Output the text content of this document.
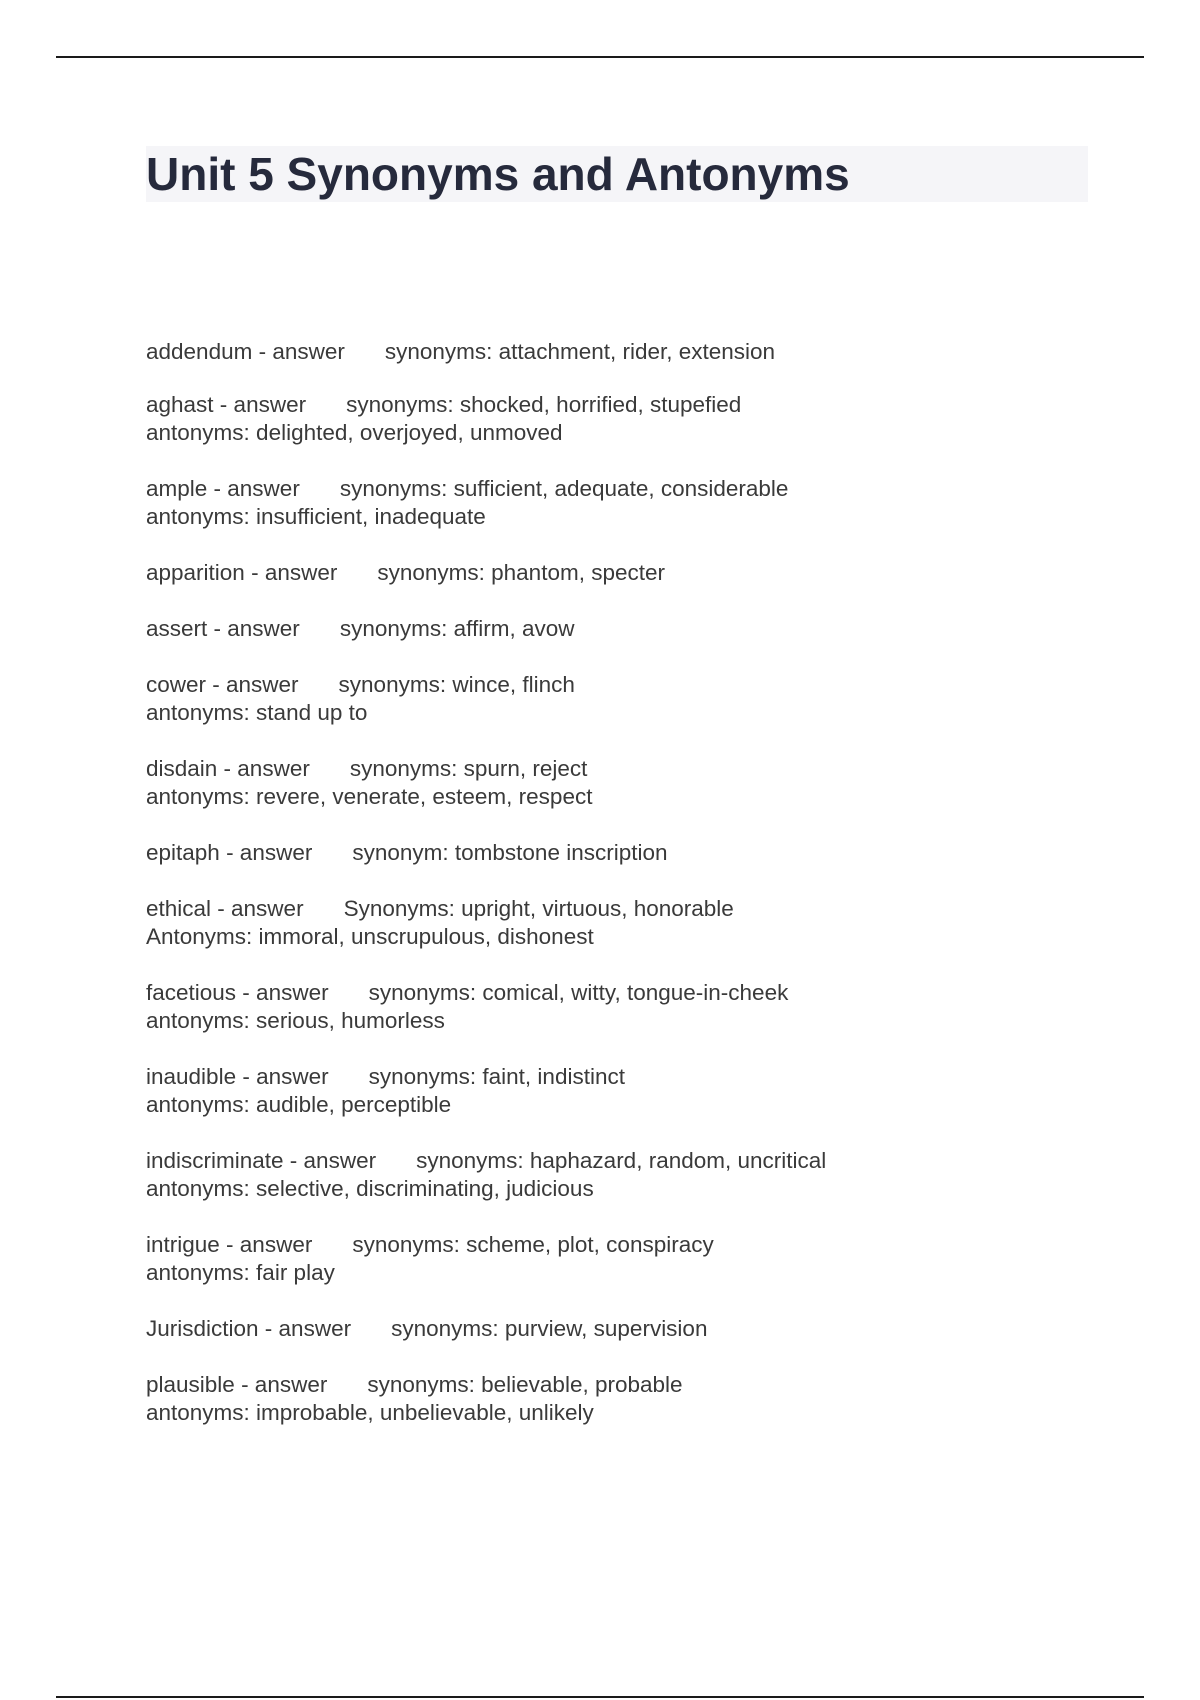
Unit 5 Synonyms and Antonyms
addendum - answer synonyms: attachment, rider, extension
aghast - answer synonyms: shocked, horrified, stupefied
antonyms: delighted, overjoyed, unmoved
ample - answer synonyms: sufficient, adequate, considerable
antonyms: insufficient, inadequate
apparition - answer synonyms: phantom, specter
assert - answer synonyms: affirm, avow
cower - answer synonyms: wince, flinch
antonyms: stand up to
disdain - answer synonyms: spurn, reject
antonyms: revere, venerate, esteem, respect
epitaph - answer synonym: tombstone inscription
ethical - answer Synonyms: upright, virtuous, honorable
Antonyms: immoral, unscrupulous, dishonest
facetious - answer synonyms: comical, witty, tongue-in-cheek
antonyms: serious, humorless
inaudible - answer synonyms: faint, indistinct
antonyms: audible, perceptible
indiscriminate - answer synonyms: haphazard, random, uncritical
antonyms: selective, discriminating, judicious
intrigue - answer synonyms: scheme, plot, conspiracy
antonyms: fair play
Jurisdiction - answer synonyms: purview, supervision
plausible - answer synonyms: believable, probable
antonyms: improbable, unbelievable, unlikely
